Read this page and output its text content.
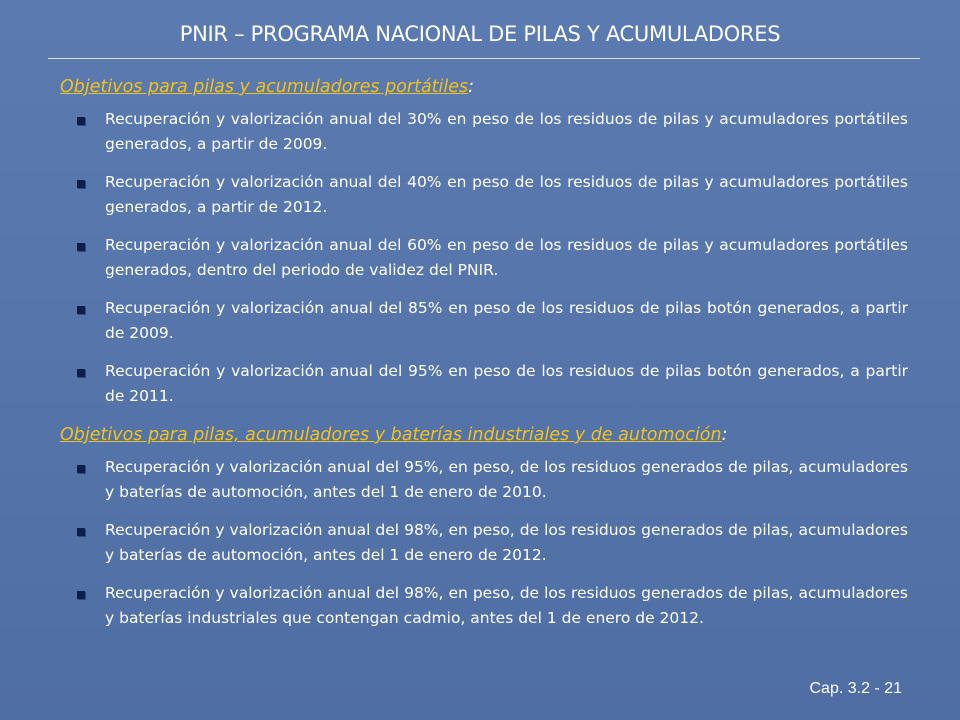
PNIR – PROGRAMA NACIONAL DE PILAS Y ACUMULADORES
Objetivos para pilas y acumuladores portátiles:
Recuperación y valorización anual del 30% en peso de los residuos de pilas y acumuladores portátiles generados, a partir de 2009.
Recuperación y valorización anual del 40% en peso de los residuos de pilas y acumuladores portátiles generados, a partir de 2012.
Recuperación y valorización anual del 60% en peso de los residuos de pilas y acumuladores portátiles generados, dentro del periodo de validez del PNIR.
Recuperación y valorización anual del 85% en peso de los residuos de pilas botón generados, a partir de 2009.
Recuperación y valorización anual del 95% en peso de los residuos de pilas botón generados, a partir de 2011.
Objetivos para pilas, acumuladores y baterías industriales y de automoción:
Recuperación y valorización anual del 95%, en peso, de los residuos generados de pilas, acumuladores y baterías de automoción, antes del 1 de enero de 2010.
Recuperación y valorización anual del 98%, en peso, de los residuos generados de pilas, acumuladores y baterías de automoción, antes del 1 de enero de 2012.
Recuperación y valorización anual del 98%, en peso, de los residuos generados de pilas, acumuladores y baterías industriales que contengan cadmio, antes del 1 de enero de 2012.
Cap. 3.2 - 21
